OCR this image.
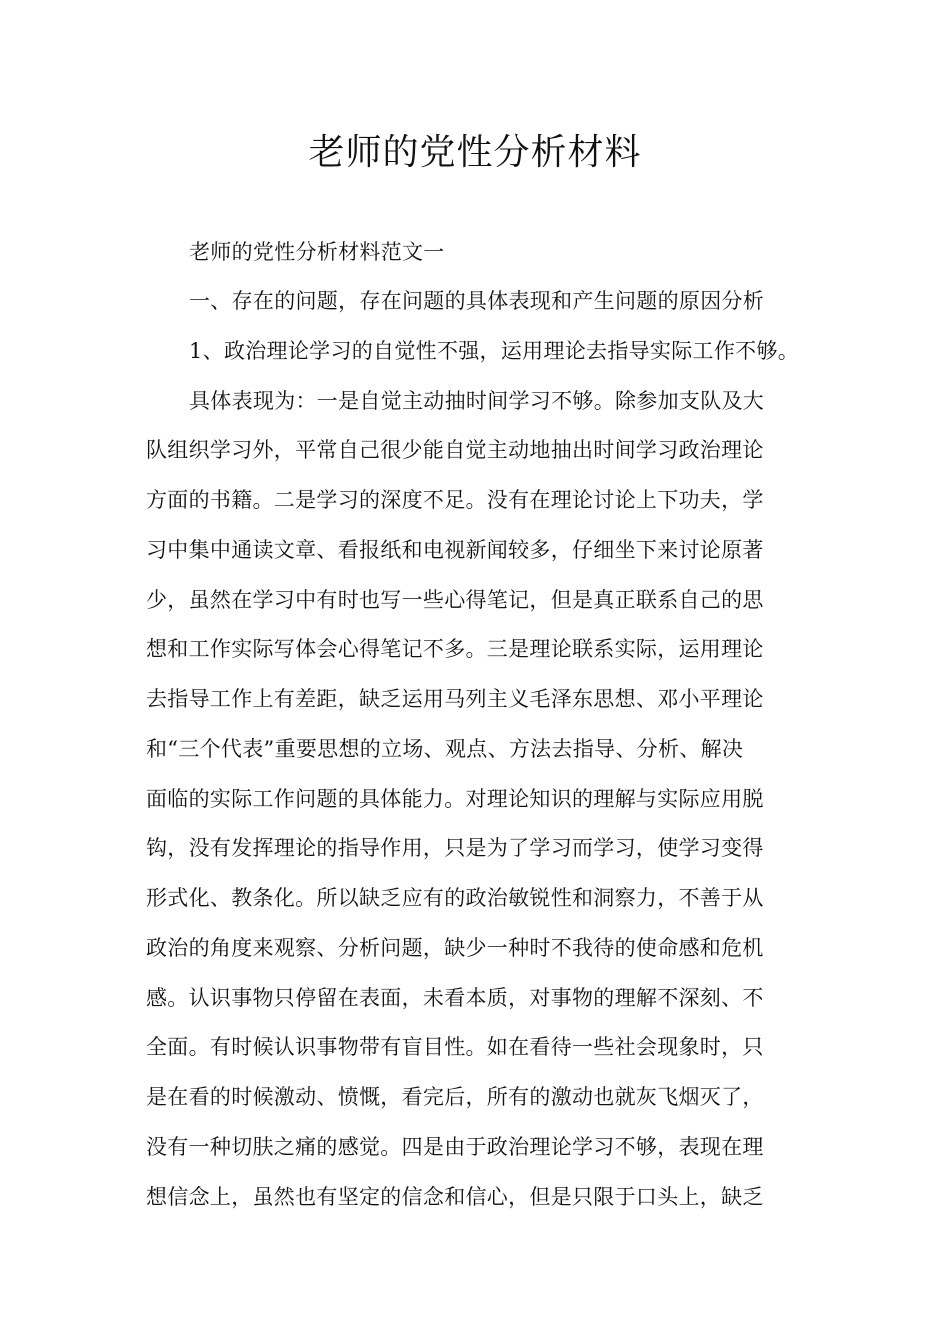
老师的党性分析材料
老师的党性分析材料范文一
一、存在的问题，存在问题的具体表现和产生问题的原因分析
1、政治理论学习的自觉性不强，运用理论去指导实际工作不够。
具体表现为：一是自觉主动抽时间学习不够。除参加支队及大
队组织学习外，平常自己很少能自觉主动地抽出时间学习政治理论
方面的书籍。二是学习的深度不足。没有在理论讨论上下功夫，学
习中集中通读文章、看报纸和电视新闻较多，仔细坐下来讨论原著
少，虽然在学习中有时也写一些心得笔记，但是真正联系自己的思
想和工作实际写体会心得笔记不多。三是理论联系实际，运用理论
去指导工作上有差距，缺乏运用马列主义毛泽东思想、邓小平理论
和“三个代表”重要思想的立场、观点、方法去指导、分析、解决
面临的实际工作问题的具体能力。对理论知识的理解与实际应用脱
钩，没有发挥理论的指导作用，只是为了学习而学习，使学习变得
形式化、教条化。所以缺乏应有的政治敏锐性和洞察力，不善于从
政治的角度来观察、分析问题，缺少一种时不我待的使命感和危机
感。认识事物只停留在表面，未看本质，对事物的理解不深刻、不
全面。有时候认识事物带有盲目性。如在看待一些社会现象时，只
是在看的时候激动、愤慨，看完后，所有的激动也就灰飞烟灭了，
没有一种切肤之痛的感觉。四是由于政治理论学习不够，表现在理
想信念上，虽然也有坚定的信念和信心，但是只限于口头上，缺乏
